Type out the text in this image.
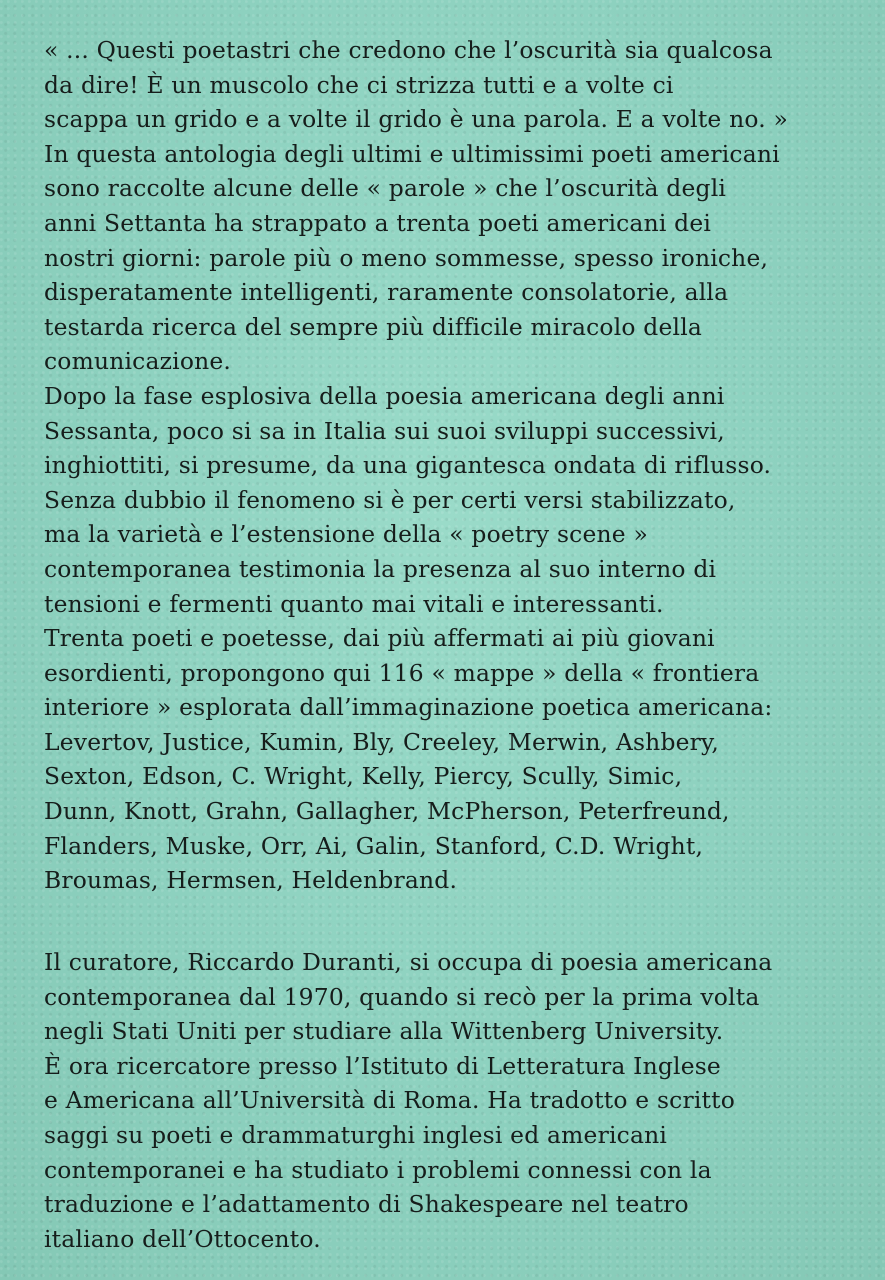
« ... Questi poetastri che credono che l’oscurità sia qualcosa
da dire! È un muscolo che ci strizza tutti e a volte ci
scappa un grido e a volte il grido è una parola. E a volte no. »
In questa antologia degli ultimi e ultimissimi poeti americani
sono raccolte alcune delle « parole » che l’oscurità degli
anni Settanta ha strappato a trenta poeti americani dei
nostri giorni: parole più o meno sommesse, spesso ironiche,
disperatamente intelligenti, raramente consolatorie, alla
testarda ricerca del sempre più difficile miracolo della
comunicazione.
Dopo la fase esplosiva della poesia americana degli anni
Sessanta, poco si sa in Italia sui suoi sviluppi successivi,
inghiottiti, si presume, da una gigantesca ondata di riflusso.
Senza dubbio il fenomeno si è per certi versi stabilizzato,
ma la varietà e l’estensione della « poetry scene »
contemporanea testimonia la presenza al suo interno di
tensioni e fermenti quanto mai vitali e interessanti.
Trenta poeti e poetesse, dai più affermati ai più giovani
esordienti, propongono qui 116 « mappe » della « frontiera
interiore » esplorata dall’immaginazione poetica americana:
Levertov, Justice, Kumin, Bly, Creeley, Merwin, Ashbery,
Sexton, Edson, C. Wright, Kelly, Piercy, Scully, Simic,
Dunn, Knott, Grahn, Gallagher, McPherson, Peterfreund,
Flanders, Muske, Orr, Ai, Galin, Stanford, C.D. Wright,
Broumas, Hermsen, Heldenbrand.
Il curatore, Riccardo Duranti, si occupa di poesia americana
contemporanea dal 1970, quando si recò per la prima volta
negli Stati Uniti per studiare alla Wittenberg University.
È ora ricercatore presso l’Istituto di Letteratura Inglese
e Americana all’Università di Roma. Ha tradotto e scritto
saggi su poeti e drammaturghi inglesi ed americani
contemporanei e ha studiato i problemi connessi con la
traduzione e l’adattamento di Shakespeare nel teatro
italiano dell’Ottocento.
